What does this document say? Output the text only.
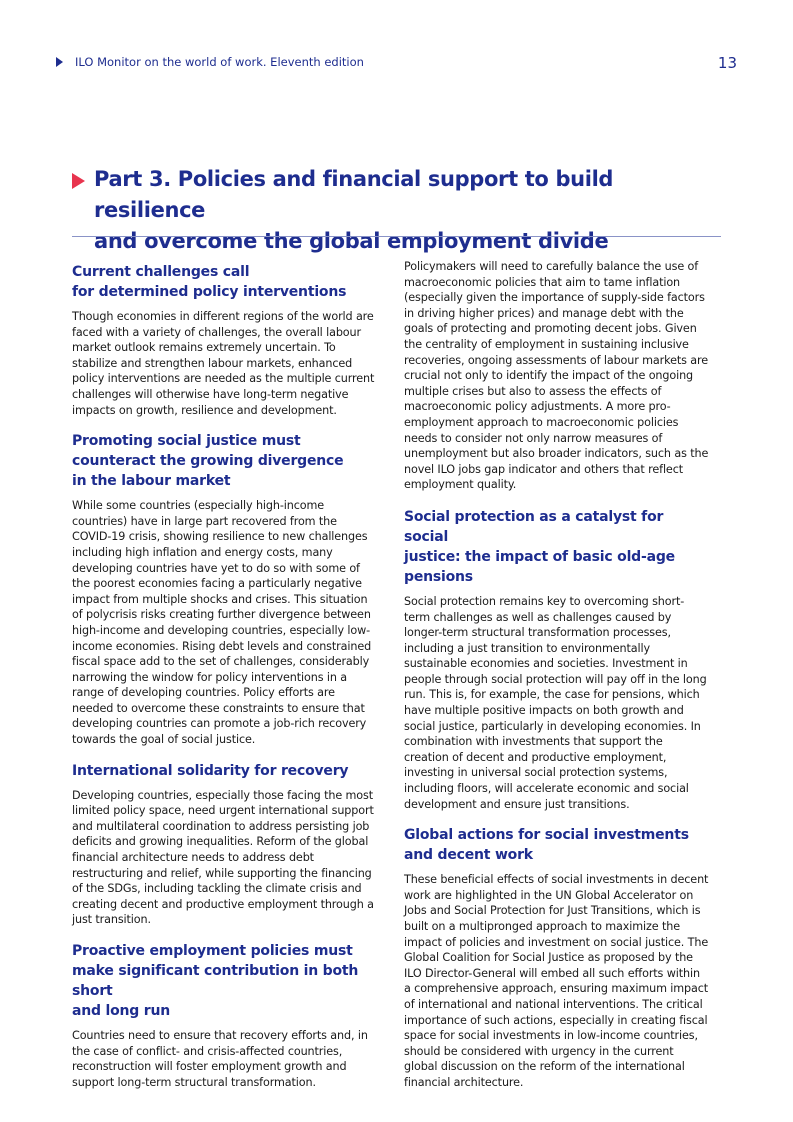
ILO Monitor on the world of work. Eleventh edition	13
Part 3. Policies and financial support to build resilience
and overcome the global employment divide
Current challenges call
for determined policy interventions

Though economies in different regions of the world are faced with a variety of challenges, the overall labour market outlook remains extremely uncertain. To stabilize and strengthen labour markets, enhanced policy interventions are needed as the multiple current challenges will otherwise have long-term negative impacts on growth, resilience and development.

Promoting social justice must
counteract the growing divergence
in the labour market

While some countries (especially high-income countries) have in large part recovered from the COVID-19 crisis, showing resilience to new challenges including high inflation and energy costs, many developing countries have yet to do so with some of the poorest economies facing a particularly negative impact from multiple shocks and crises. This situation of polycrisis risks creating further divergence between high-income and developing countries, especially low-income economies. Rising debt levels and constrained fiscal space add to the set of challenges, considerably narrowing the window for policy interventions in a range of developing countries. Policy efforts are needed to overcome these constraints to ensure that developing countries can promote a job-rich recovery towards the goal of social justice.

International solidarity for recovery

Developing countries, especially those facing the most limited policy space, need urgent international support and multilateral coordination to address persisting job deficits and growing inequalities. Reform of the global financial architecture needs to address debt restructuring and relief, while supporting the financing of the SDGs, including tackling the climate crisis and creating decent and productive employment through a just transition.

Proactive employment policies must
make significant contribution in both short
and long run

Countries need to ensure that recovery efforts and, in the case of conflict- and crisis-affected countries, reconstruction will foster employment growth and support long-term structural transformation.

Policymakers will need to carefully balance the use of macroeconomic policies that aim to tame inflation (especially given the importance of supply-side factors in driving higher prices) and manage debt with the goals of protecting and promoting decent jobs. Given the centrality of employment in sustaining inclusive recoveries, ongoing assessments of labour markets are crucial not only to identify the impact of the ongoing multiple crises but also to assess the effects of macroeconomic policy adjustments. A more pro-employment approach to macroeconomic policies needs to consider not only narrow measures of unemployment but also broader indicators, such as the novel ILO jobs gap indicator and others that reflect employment quality.

Social protection as a catalyst for social
justice: the impact of basic old-age
pensions

Social protection remains key to overcoming short-term challenges as well as challenges caused by longer-term structural transformation processes, including a just transition to environmentally sustainable economies and societies. Investment in people through social protection will pay off in the long run. This is, for example, the case for pensions, which have multiple positive impacts on both growth and social justice, particularly in developing economies. In combination with investments that support the creation of decent and productive employment, investing in universal social protection systems, including floors, will accelerate economic and social development and ensure just transitions.

Global actions for social investments
and decent work

These beneficial effects of social investments in decent work are highlighted in the UN Global Accelerator on Jobs and Social Protection for Just Transitions, which is built on a multipronged approach to maximize the impact of policies and investment on social justice. The Global Coalition for Social Justice as proposed by the ILO Director-General will embed all such efforts within a comprehensive approach, ensuring maximum impact of international and national interventions. The critical importance of such actions, especially in creating fiscal space for social investments in low-income countries, should be considered with urgency in the current global discussion on the reform of the international financial architecture.
